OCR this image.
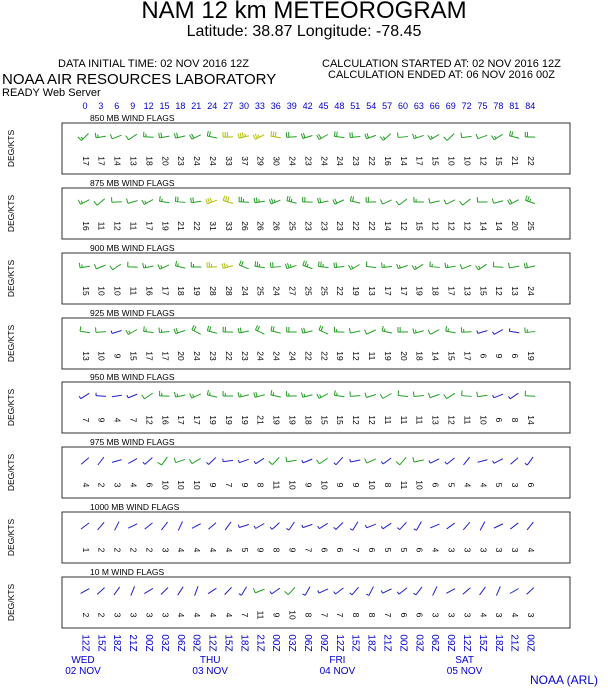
NAM 12 km METEOROGRAM
Latitude: 38.87 Longitude: -78.45
DATA INITIAL TIME: 02 NOV 2016 12Z	CALCULATION STARTED AT: 02 NOV 2016 12Z
CALCULATION ENDED AT: 06 NOV 2016 00Z
NOAA AIR RESOURCES LABORATORY
READY Web Server
NOAA (ARL)
0 3 6 9 12 15 18 21 24 27 30 33 36 39 42 45 48 51 54 57 60 63 66 69 72 75 78 81 84
850 MB WIND FLAGS
DEG/KTS	17 17 14 13 18 20 23 24 24 33 37 29 30 24 23 24 24 23 22 16 14 17 15 10 10 12 15 21 22
875 MB WIND FLAGS
DEG/KTS	16 11 12 11 17 19 21 22 31 33 26 26 26 25 23 23 23 22 22 14 12 15 12 12 12 14 14 20 25
900 MB WIND FLAGS
DEG/KTS	15 10 10 11 16 17 18 19 28 28 24 25 24 27 25 25 22 19 13 17 17 19 18 17 13 15 12 13 24
925 MB WIND FLAGS
DEG/KTS	13 10 9 15 17 17 20 24 23 22 23 24 24 24 22 22 19 12 11 19 20 18 14 15 17 6 9 6 19
950 MB WIND FLAGS
DEG/KTS	7 9 4 7 12 16 17 17 19 19 19 21 19 19 18 15 15 12 12 11 11 11 13 12 11 10 6 8 14
975 MB WIND FLAGS
DEG/KTS	4 2 3 4 6 10 10 10 9 7 9 8 11 10 9 10 9 9 10 8 11 10 6 5 4 4 5 3 6
1000 MB WIND FLAGS
DEG/KTS	1 2 2 2 2 3 4 4 4 4 5 9 8 9 7 6 6 7 6 5 5 6 4 3 3 3 3 3 4
10 M WIND FLAGS
DEG/KTS	2 2 3 3 3 3 4 4 4 4 7 11 9 10 8 7 7 8 8 7 6 6 3 3 3 4 3 4 3
12Z 15Z 18Z 21Z 00Z 03Z 06Z 09Z 12Z 15Z 18Z 21Z 00Z 03Z 06Z 09Z 12Z 15Z 18Z 21Z 00Z 03Z 06Z 09Z 12Z 15Z 18Z 21Z 00Z
WED
02 NOV
THU
03 NOV
FRI
04 NOV
SAT
05 NOV
